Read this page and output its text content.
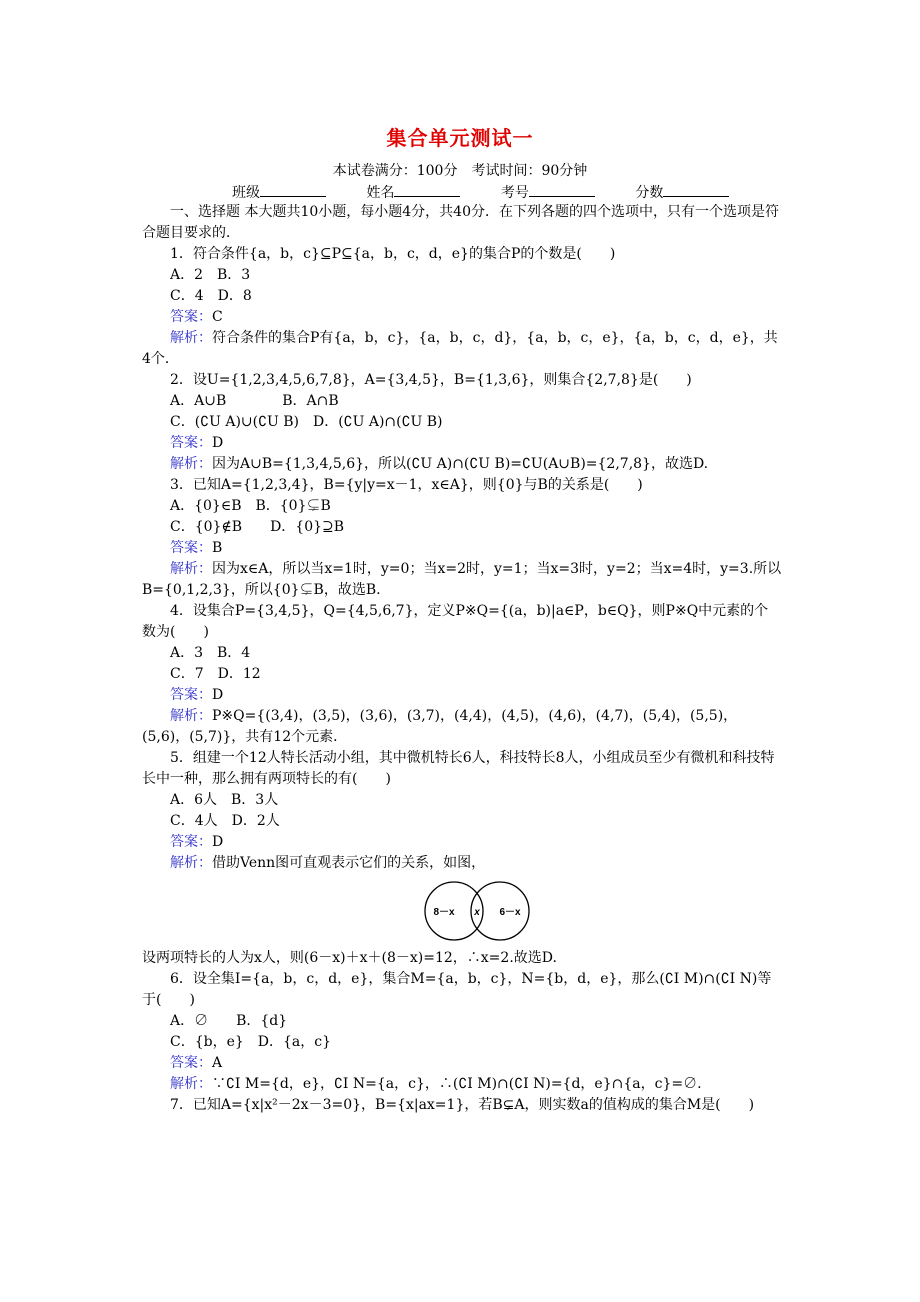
集合单元测试一
本试卷满分：100分　考试时间：90分钟
班级	姓名	考号	分数

一、选择题 本大题共10小题，每小题4分，共40分．在下列各题的四个选项中，只有一个选项是符合题目要求的．

1．符合条件{a，b，c}⊆P⊆{a，b，c，d，e}的集合P的个数是(　　)

A．2　B．3

C．4　D．8

答案：C

解析：符合条件的集合P有{a，b，c}，{a，b，c，d}，{a，b，c，e}，{a，b，c，d，e}，共4个．

2．设U={1,2,3,4,5,6,7,8}，A={3,4,5}，B={1,3,6}，则集合{2,7,8}是(　　)

A．A∪B　　　　B．A∩B

C．(∁U A)∪(∁U B)　D．(∁U A)∩(∁U B)

答案：D

解析：因为A∪B={1,3,4,5,6}，所以(∁U A)∩(∁U B)=∁U(A∪B)={2,7,8}，故选D.

3．已知A={1,2,3,4}，B={y|y=x－1，x∈A}，则{0}与B的关系是(　　)

A．{0}∈B　B．{0}⊊B

C．{0}∉B　　D．{0}⊇B

答案：B

解析：因为x∈A，所以当x=1时，y=0；当x=2时，y=1；当x=3时，y=2；当x=4时，y=3.所以B={0,1,2,3}，所以{0}⊊B，故选B.

4．设集合P={3,4,5}，Q={4,5,6,7}，定义P※Q={(a，b)|a∈P，b∈Q}，则P※Q中元素的个数为(　　)

A．3　B．4

C．7　D．12

答案：D

解析：P※Q={(3,4)，(3,5)，(3,6)，(3,7)，(4,4)，(4,5)，(4,6)，(4,7)，(5,4)，(5,5)，(5,6)，(5,7)}，共有12个元素．

5．组建一个12人特长活动小组，其中微机特长6人，科技特长8人，小组成员至少有微机和科技特长中一种，那么拥有两项特长的有(　　)

A．6人　B．3人

C．4人　D．2人

答案：D

解析：借助Venn图可直观表示它们的关系，如图，

8－x x 6－x

设两项特长的人为x人，则(6－x)＋x＋(8－x)=12，∴x=2.故选D.

6．设全集I={a，b，c，d，e}，集合M={a，b，c}，N={b，d，e}，那么(∁I M)∩(∁I N)等于(　　)

A．∅　　B．{d}

C．{b，e}　D．{a，c}

答案：A

解析：∵∁I M={d，e}，∁I N={a，c}，∴(∁I M)∩(∁I N)={d，e}∩{a，c}=∅.

7．已知A={x|x²－2x－3=0}，B={x|ax=1}，若B⊊A，则实数a的值构成的集合M是(　　)
